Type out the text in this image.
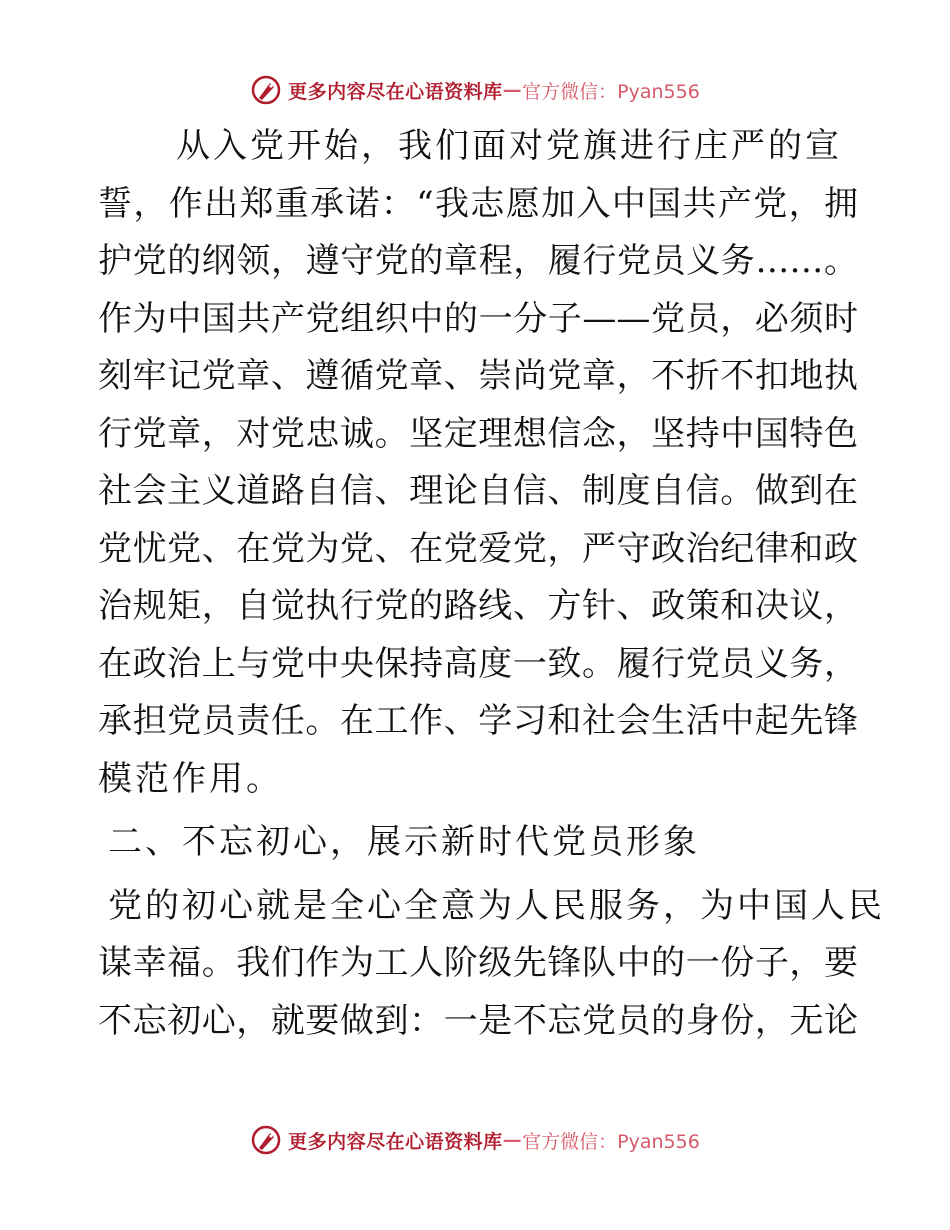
更多内容尽在心语资料库 — 官方微信：Pyan556
从入党开始，我们面对党旗进行庄严的宣
誓，作出郑重承诺：“我志愿加入中国共产党，拥
护党的纲领，遵守党的章程，履行党员义务……。
作为中国共产党组织中的一分子——党员，必须时
刻牢记党章、遵循党章、崇尚党章，不折不扣地执
行党章，对党忠诚。坚定理想信念，坚持中国特色
社会主义道路自信、理论自信、制度自信。做到在
党忧党、在党为党、在党爱党，严守政治纪律和政
治规矩，自觉执行党的路线、方针、政策和决议，
在政治上与党中央保持高度一致。履行党员义务，
承担党员责任。在工作、学习和社会生活中起先锋
模范作用。
二、不忘初心，展示新时代党员形象
党的初心就是全心全意为人民服务，为中国人民
谋幸福。我们作为工人阶级先锋队中的一份子，要
不忘初心，就要做到：一是不忘党员的身份，无论
更多内容尽在心语资料库 — 官方微信：Pyan556
